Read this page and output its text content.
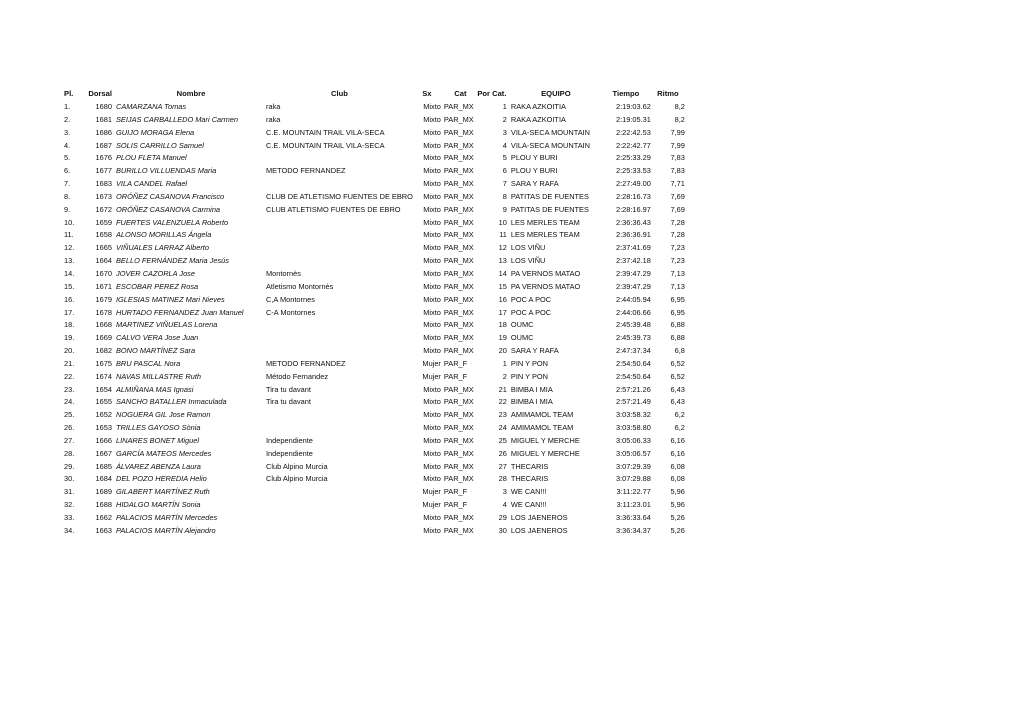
Pl.	Dorsal	Nombre	Club	Sx	Cat	Por Cat.	EQUIPO	Tiempo	Ritmo
1.	1680	CAMARZANA Tomas	raka	Mixto	PAR_MX	1	RAKA AZKOITIA	2:19:03.62	8,2
2.	1681	SEIJAS CARBALLEDO Mari Carmen	raka	Mixto	PAR_MX	2	RAKA AZKOITIA	2:19:05.31	8,2
3.	1686	GUIJO MORAGA Elena	C.E. MOUNTAIN TRAIL VILA-SECA	Mixto	PAR_MX	3	VILA-SECA MOUNTAIN	2:22:42.53	7,99
4.	1687	SOLIS CARRILLO Samuel	C.E. MOUNTAIN TRAIL VILA-SECA	Mixto	PAR_MX	4	VILA-SECA MOUNTAIN	2:22:42.77	7,99
5.	1676	PLOU FLETA Manuel		Mixto	PAR_MX	5	PLOU Y BURI	2:25:33.29	7,83
6.	1677	BURILLO VILLUENDAS Maria	METODO FERNANDEZ	Mixto	PAR_MX	6	PLOU Y BURI	2:25:33.53	7,83
7.	1683	VILA CANDEL Rafael		Mixto	PAR_MX	7	SARA Y RAFA	2:27:49.00	7,71
8.	1673	ORÓÑEZ CASANOVA Francisco	CLUB DE ATLETISMO FUENTES DE EBRO	Mixto	PAR_MX	8	PATITAS DE FUENTES	2:28:16.73	7,69
9.	1672	ORÓÑEZ CASANOVA Carmina	CLUB ATLETISMO FUENTES DE EBRO	Mixto	PAR_MX	9	PATITAS DE FUENTES	2:28:16.97	7,69
10.	1659	FUERTES VALENZUELA Roberto		Mixto	PAR_MX	10	LES MERLES TEAM	2:36:36.43	7,28
11.	1658	ALONSO MORILLAS Ángela		Mixto	PAR_MX	11	LES MERLES TEAM	2:36:36.91	7,28
12.	1665	VIÑUALES LARRAZ Alberto		Mixto	PAR_MX	12	LOS VIÑU	2:37:41.69	7,23
13.	1664	BELLO FERNÁNDEZ Maria Jesús		Mixto	PAR_MX	13	LOS VIÑU	2:37:42.18	7,23
14.	1670	JOVER CAZORLA Jose	Montornès	Mixto	PAR_MX	14	PA VERNOS MATAO	2:39:47.29	7,13
15.	1671	ESCOBAR PEREZ Rosa	Atletismo Montornès	Mixto	PAR_MX	15	PA VERNOS MATAO	2:39:47.29	7,13
16.	1679	IGLESIAS MATINEZ Mari Nieves	C,A Montornes	Mixto	PAR_MX	16	POC A POC	2:44:05.94	6,95
17.	1678	HURTADO FERNANDEZ Juan Manuel	C-A Montornes	Mixto	PAR_MX	17	POC A POC	2:44:06.66	6,95
18.	1668	MARTINEZ VIÑUELAS Lorena		Mixto	PAR_MX	18	OUMC	2:45:39.48	6,88
19.	1669	CALVO VERA Jose Juan		Mixto	PAR_MX	19	OUMC	2:45:39.73	6,88
20.	1682	BONO MARTÍNEZ Sara		Mixto	PAR_MX	20	SARA Y RAFA	2:47:37.34	6,8
21.	1675	BRU PASCAL Nora	METODO FERNANDEZ	Mujer	PAR_F	1	PIN Y PON	2:54:50.64	6,52
22.	1674	NAVAS MILLASTRE Ruth	Método Fernandez	Mujer	PAR_F	2	PIN Y PON	2:54:50.64	6,52
23.	1654	ALMIÑANA MAS Ignasi	Tira tu davant	Mixto	PAR_MX	21	BIMBA I MIA	2:57:21.26	6,43
24.	1655	SANCHO BATALLER Inmaculada	Tira tu davant	Mixto	PAR_MX	22	BIMBA I MIA	2:57:21.49	6,43
25.	1652	NOGUERA GIL Jose Ramon		Mixto	PAR_MX	23	AMIMAMOL TEAM	3:03:58.32	6,2
26.	1653	TRILLES GAYOSO Sònia		Mixto	PAR_MX	24	AMIMAMOL TEAM	3:03:58.80	6,2
27.	1666	LINARES BONET Miguel	Independiente	Mixto	PAR_MX	25	MIGUEL Y MERCHE	3:05:06.33	6,16
28.	1667	GARCÍA MATEOS Mercedes	Independiente	Mixto	PAR_MX	26	MIGUEL Y MERCHE	3:05:06.57	6,16
29.	1685	ÁLVAREZ ABENZA Laura	Club Alpino Murcia	Mixto	PAR_MX	27	THECARIS	3:07:29.39	6,08
30.	1684	DEL POZO HEREDIA Helio	Club Alpino Murcia	Mixto	PAR_MX	28	THECARIS	3:07:29.88	6,08
31.	1689	GILABERT MARTÍNEZ Ruth		Mujer	PAR_F	3	WE CAN!!!	3:11:22.77	5,96
32.	1688	HIDALGO MARTÍN Sonia		Mujer	PAR_F	4	WE CAN!!!	3:11:23.01	5,96
33.	1662	PALACIOS MARTÍN Mercedes		Mixto	PAR_MX	29	LOS JAENEROS	3:36:33.64	5,26
34.	1663	PALACIOS MARTÍN Alejandro		Mixto	PAR_MX	30	LOS JAENEROS	3:36:34.37	5,26
